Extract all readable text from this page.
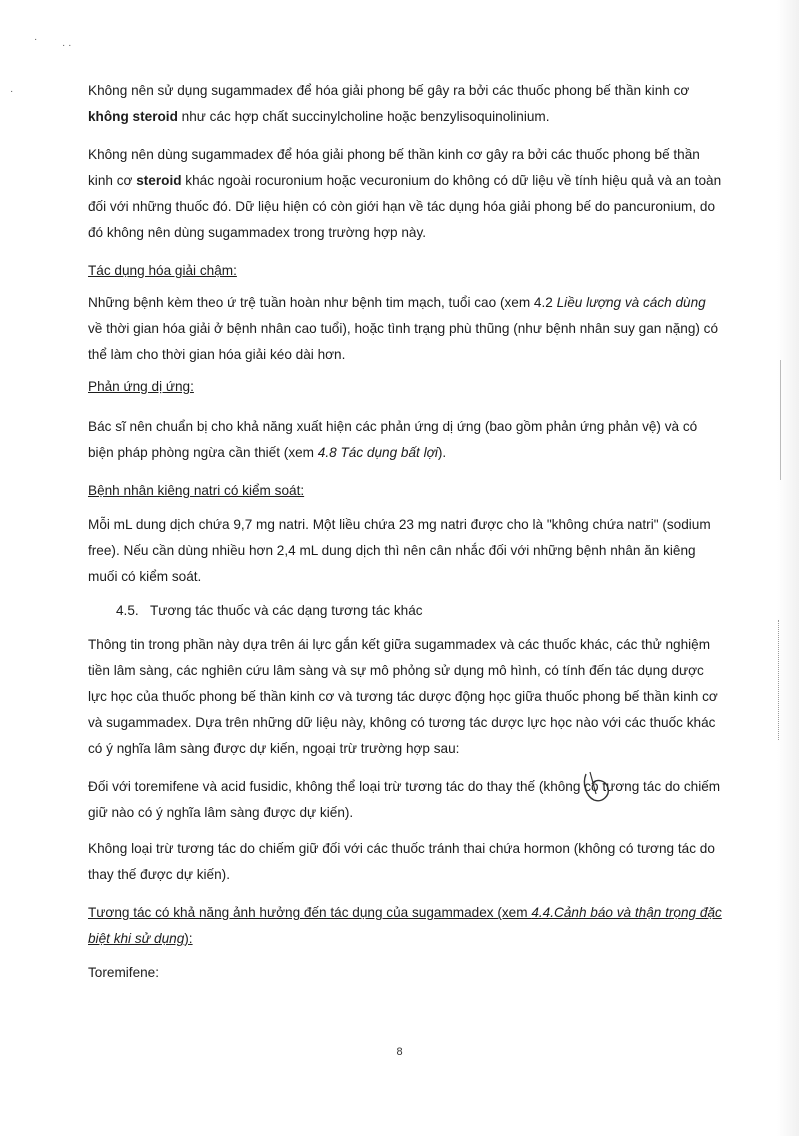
Không nên sử dụng sugammadex để hóa giải phong bế gây ra bởi các thuốc phong bế thần kinh cơ không steroid như các hợp chất succinylcholine hoặc benzylisoquinolinium.

Không nên dùng sugammadex để hóa giải phong bế thần kinh cơ gây ra bởi các thuốc phong bế thần kinh cơ steroid khác ngoài rocuronium hoặc vecuronium do không có dữ liệu về tính hiệu quả và an toàn đối với những thuốc đó. Dữ liệu hiện có còn giới hạn về tác dụng hóa giải phong bế do pancuronium, do đó không nên dùng sugammadex trong trường hợp này.

Tác dụng hóa giải chậm:

Những bệnh kèm theo ứ trệ tuần hoàn như bệnh tim mạch, tuổi cao (xem 4.2 Liều lượng và cách dùng về thời gian hóa giải ở bệnh nhân cao tuổi), hoặc tình trạng phù thũng (như bệnh nhân suy gan nặng) có thể làm cho thời gian hóa giải kéo dài hơn.

Phản ứng dị ứng:

Bác sĩ nên chuẩn bị cho khả năng xuất hiện các phản ứng dị ứng (bao gồm phản ứng phản vệ) và có biện pháp phòng ngừa cần thiết (xem 4.8 Tác dụng bất lợi).

Bệnh nhân kiêng natri có kiểm soát:

Mỗi mL dung dịch chứa 9,7 mg natri. Một liều chứa 23 mg natri được cho là "không chứa natri" (sodium free). Nếu cần dùng nhiều hơn 2,4 mL dung dịch thì nên cân nhắc đối với những bệnh nhân ăn kiêng muối có kiểm soát.

4.5. Tương tác thuốc và các dạng tương tác khác

Thông tin trong phần này dựa trên ái lực gắn kết giữa sugammadex và các thuốc khác, các thử nghiệm tiền lâm sàng, các nghiên cứu lâm sàng và sự mô phỏng sử dụng mô hình, có tính đến tác dụng dược lực học của thuốc phong bế thần kinh cơ và tương tác dược động học giữa thuốc phong bế thần kinh cơ và sugammadex. Dựa trên những dữ liệu này, không có tương tác dược lực học nào với các thuốc khác có ý nghĩa lâm sàng được dự kiến, ngoại trừ trường hợp sau:

Đối với toremifene và acid fusidic, không thể loại trừ tương tác do thay thế (không có tương tác do chiếm giữ nào có ý nghĩa lâm sàng được dự kiến).

Không loại trừ tương tác do chiếm giữ đối với các thuốc tránh thai chứa hormon (không có tương tác do thay thế được dự kiến).

Tương tác có khả năng ảnh hưởng đến tác dụng của sugammadex (xem 4.4.Cảnh báo và thận trọng đặc biệt khi sử dụng):

Toremifene:

8
·
· ·
·
